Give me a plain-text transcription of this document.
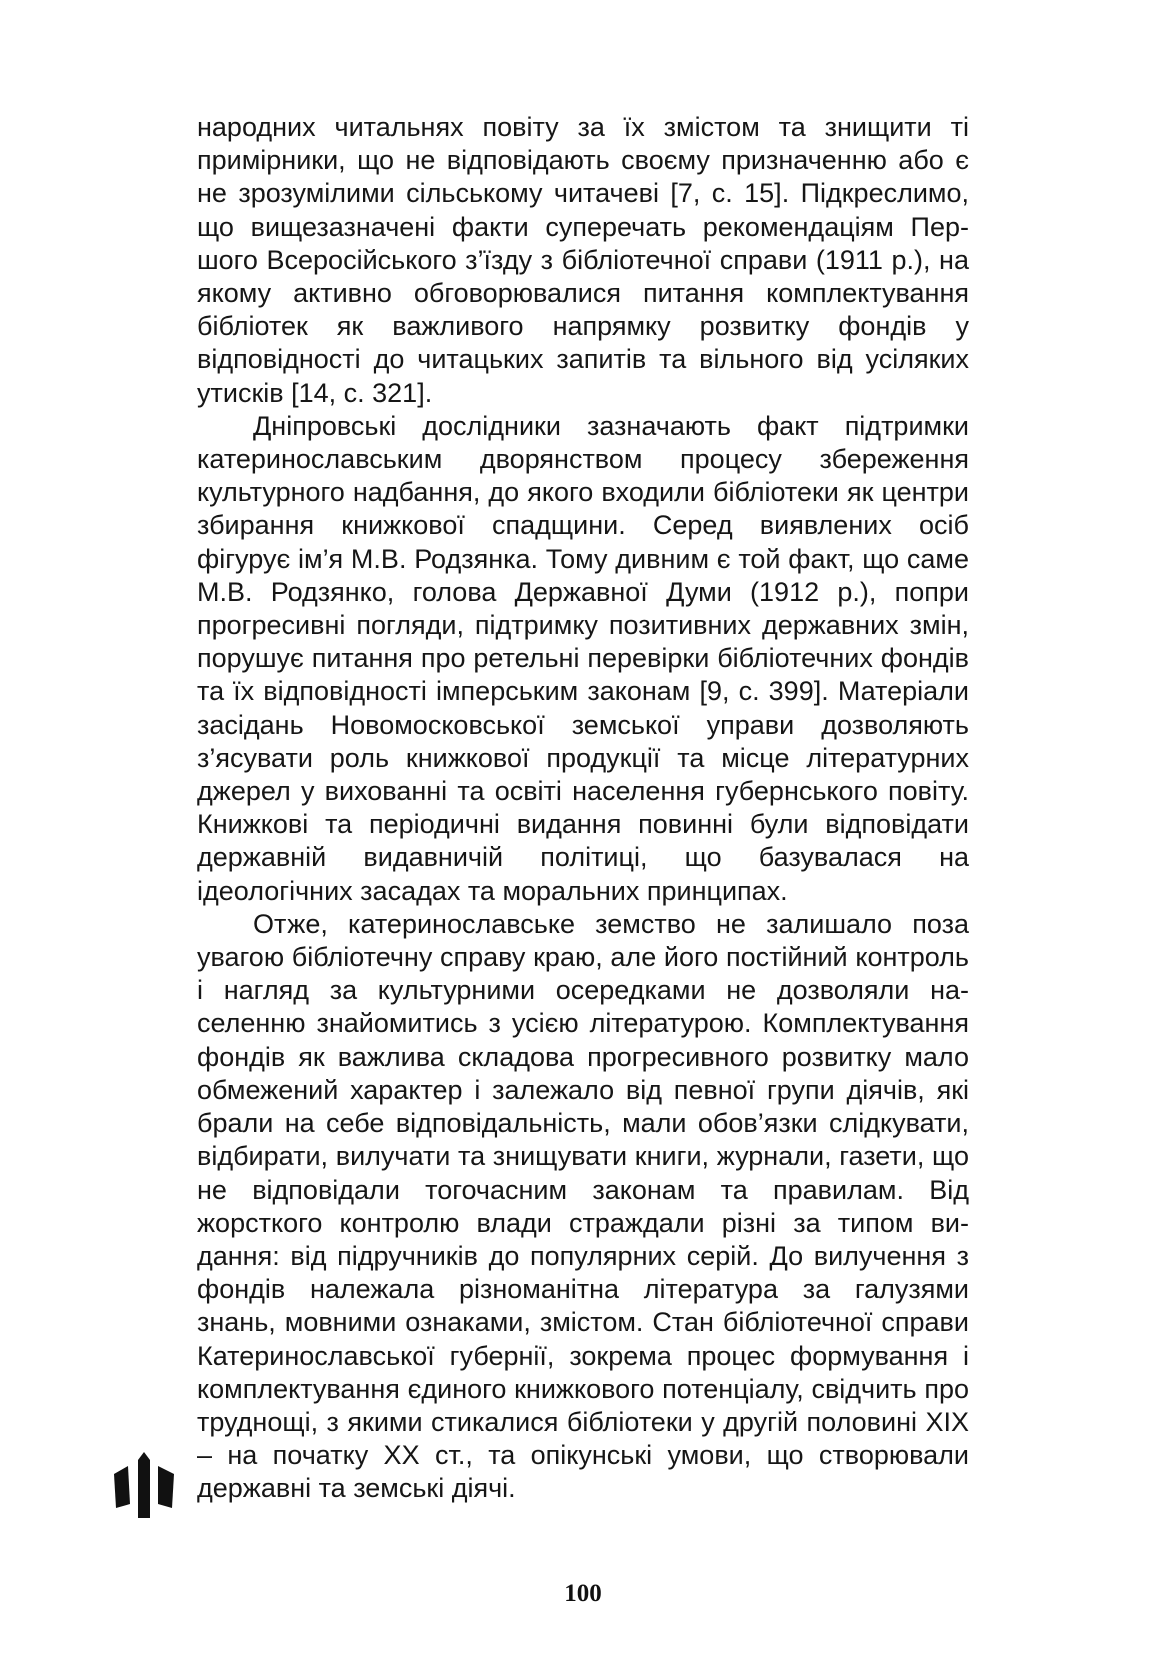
народних читальнях повіту за їх змістом та знищити ті примірники, що не відповідають своєму призначенню або є не зрозумілими сільському читачеві [7, с. 15]. Підкреслимо, що вищезазначені факти суперечать рекомендаціям Першого Всеросійського з’їзду з бібліотечної справи (1911 р.), на якому активно обговорювалися питання комплектування бібліотек як важливого напрямку розвитку фондів у відповідності до читацьких запитів та вільного від усіляких утисків [14, с. 321].

Дніпровські дослідники зазначають факт підтримки катеринославським дворянством процесу збереження культурного надбання, до якого входили бібліотеки як центри збирання книжкової спадщини. Серед виявлених осіб фігурує ім’я М.В. Родзянка. Тому дивним є той факт, що саме М.В. Родзянко, голова Державної Думи (1912 р.), попри прогресивні погляди, підтримку позитивних державних змін, порушує питання про ретельні перевірки бібліотечних фондів та їх відповідності імперським законам [9, с. 399]. Матеріали засідань Новомосковської земської управи дозволяють з’ясувати роль книжкової продукції та місце літературних джерел у вихованні та освіті населення губернського повіту. Книжкові та періодичні видання повинні були відповідати державній видавничій політиці, що базувалася на ідеологічних засадах та моральних принципах.

Отже, катеринославське земство не залишало поза увагою бібліотечну справу краю, але його постійний контроль і нагляд за культурними осередками не дозволяли населенню знайомитись з усією літературою. Комплектування фондів як важлива складова прогресивного розвитку мало обмежений характер і залежало від певної групи діячів, які брали на себе відповідальність, мали обов’язки слідкувати, відбирати, вилучати та знищувати книги, журнали, газети, що не відповідали тогочасним законам та правилам. Від жорсткого контролю влади страждали різні за типом видання: від підручників до популярних серій. До вилучення з фондів належала різноманітна література за галузями знань, мовними ознаками, змістом. Стан бібліотечної справи Катеринославської губернії, зокрема процес формування і комплектування єдиного книжкового потенціалу, свідчить про труднощі, з якими стикалися бібліотеки у другій половині XIX – на початку XX ст., та опікунські умови, що створювали державні та земські діячі.

100
